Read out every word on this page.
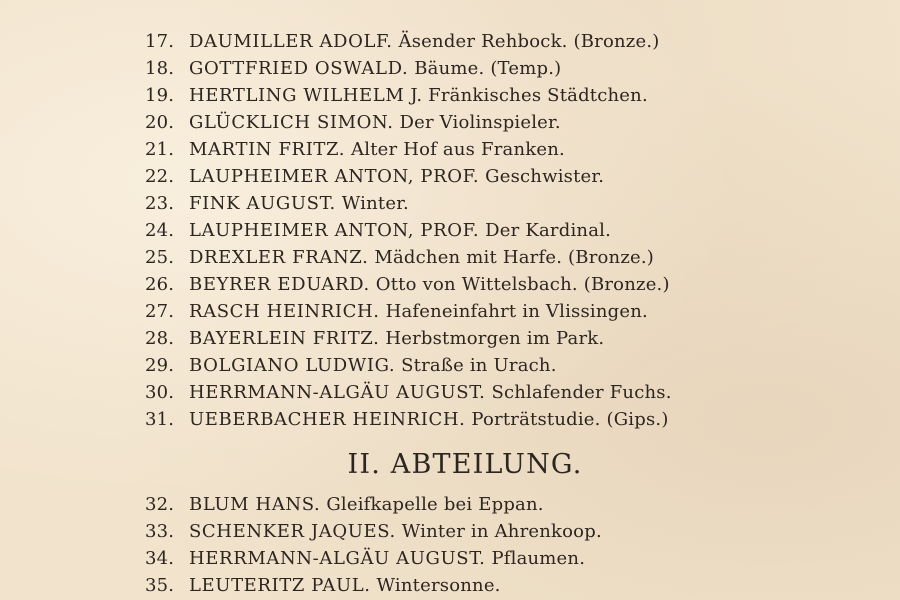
17. DAUMILLER ADOLF. Äsender Rehbock. (Bronze.)
18. GOTTFRIED OSWALD. Bäume. (Temp.)
19. HERTLING WILHELM J. Fränkisches Städtchen.
20. GLÜCKLICH SIMON. Der Violinspieler.
21. MARTIN FRITZ. Alter Hof aus Franken.
22. LAUPHEIMER ANTON, PROF. Geschwister.
23. FINK AUGUST. Winter.
24. LAUPHEIMER ANTON, PROF. Der Kardinal.
25. DREXLER FRANZ. Mädchen mit Harfe. (Bronze.)
26. BEYRER EDUARD. Otto von Wittelsbach. (Bronze.)
27. RASCH HEINRICH. Hafeneinfahrt in Vlissingen.
28. BAYERLEIN FRITZ. Herbstmorgen im Park.
29. BOLGIANO LUDWIG. Straße in Urach.
30. HERRMANN-ALGÄU AUGUST. Schlafender Fuchs.
31. UEBERBACHER HEINRICH. Porträtstudie. (Gips.)
II. ABTEILUNG.
32. BLUM HANS. Gleifkapelle bei Eppan.
33. SCHENKER JAQUES. Winter in Ahrenkoop.
34. HERRMANN-ALGÄU AUGUST. Pflaumen.
35. LEUTERITZ PAUL. Wintersonne.
